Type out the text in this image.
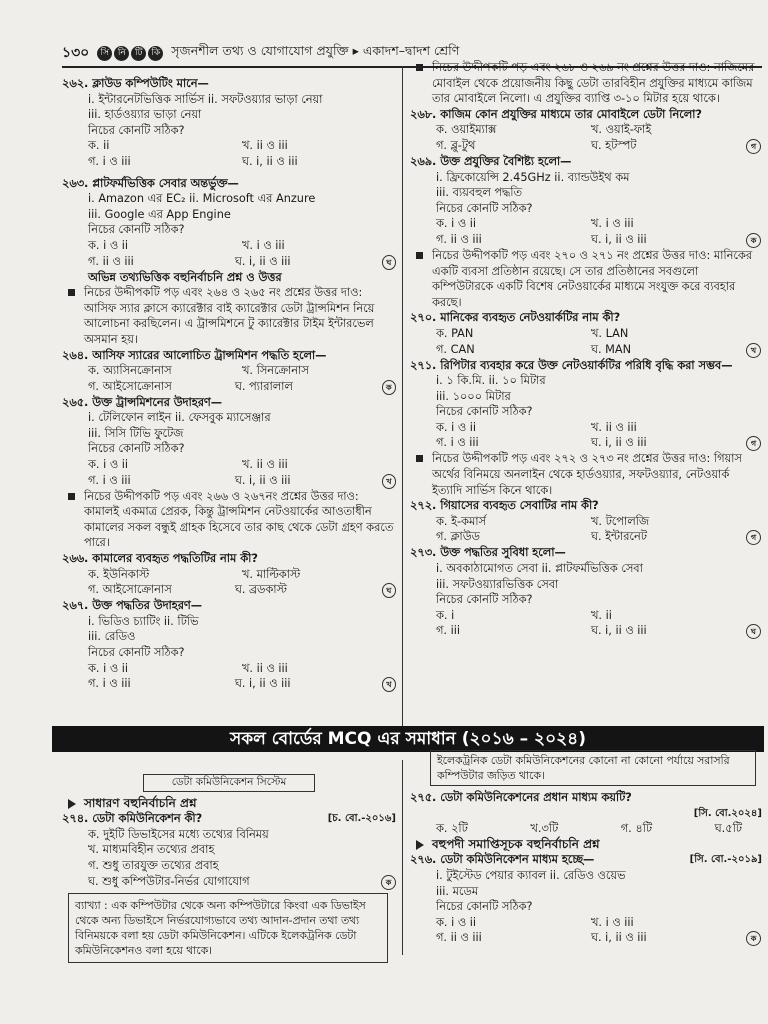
১৩০	সি নি	টি কি সৃজনশীল তথ্য ও যোগাযোগ প্রযুক্তি ▸ একাদশ–দ্বাদশ শ্রেণি
২৬২. ক্লাউড কম্পিউটিং মানে—
i. ইন্টারনেটভিত্তিক সার্ভিস ii. সফটওয়্যার ভাড়া নেয়া
iii. হার্ডওয়্যার ভাড়া নেয়া
নিচের কোনটি সঠিক?
ক. ii	খ. ii ও iii
গ. i ও iii	ঘ. i, ii ও iii
২৬৩. প্লাটফর্মভিত্তিক সেবার অন্তর্ভুক্ত—
i. Amazon এর EC₂ ii. Microsoft এর Anzure
iii. Google এর App Engine
নিচের কোনটি সঠিক?
ক. i ও ii	খ. i ও iii
গ. ii ও iii	ঘ. i, ii ও iii	ঘ
অভিন্ন তথ্যভিত্তিক বহুনির্বাচনি প্রশ্ন ও উত্তর
নিচের উদ্দীপকটি পড় এবং ২৬৪ ও ২৬৫ নং প্রশ্নের উত্তর দাও: আসিফ স্যার ক্লাসে ক্যারেক্টার বাই ক্যারেক্টার ডেটা ট্রান্সমিশন নিয়ে আলোচনা করছিলেন। এ ট্রান্সমিশনে টু ক্যারেক্টার টাইম ইন্টারভেল অসমান হয়।
২৬৪. আসিফ স্যারের আলোচিত ট্রান্সমিশন পদ্ধতি হলো—
ক. অ্যাসিনক্রোনাস	খ. সিনক্রোনাস
গ. আইসোক্রোনাস	ঘ. প্যারালাল	ক
২৬৫. উক্ত ট্রান্সমিশনের উদাহরণ—
i. টেলিফোন লাইন ii. ফেসবুক ম্যাসেঞ্জার
iii. সিসি টিভি ফুটেজ
নিচের কোনটি সঠিক?
ক. i ও ii	খ. ii ও iii
গ. i ও iii	ঘ. i, ii ও iii	খ
নিচের উদ্দীপকটি পড় এবং ২৬৬ ও ২৬৭নং প্রশ্নের উত্তর দাও: কামালই একমাত্র প্রেরক, কিন্তু ট্রান্সমিশন নেটওয়ার্কের আওতাধীন কামালের সকল বন্ধুই গ্রাহক হিসেবে তার কাছ থেকে ডেটা গ্রহণ করতে পারে।
২৬৬. কামালের ব্যবহৃত পদ্ধতিটির নাম কী?
ক. ইউনিকাস্ট	খ. মাল্টিকাস্ট
গ. আইসোক্রোনাস	ঘ. ব্রডকাস্ট	ঘ
২৬৭. উক্ত পদ্ধতির উদাহরণ—
i. ভিডিও চ্যাটিং ii. টিভি
iii. রেডিও
নিচের কোনটি সঠিক?
ক. i ও ii	খ. ii ও iii
গ. i ও iii	ঘ. i, ii ও iii	খ
নিচের উদ্দীপকটি পড় এবং ২৬৮ ও ২৬৯ নং প্রশ্নের উত্তর দাও: নাজিমের মোবাইল থেকে প্রয়োজনীয় কিছু ডেটা তারবিহীন প্রযুক্তির মাধ্যমে কাজিম তার মোবাইলে নিলো। এ প্রযুক্তির ব্যাপ্তি ৩-১০ মিটার হয়ে থাকে।
২৬৮. কাজিম কোন প্রযুক্তির মাধ্যমে তার মোবাইলে ডেটা নিলো?
ক. ওয়াইম্যাক্স	খ. ওয়াই-ফাই
গ. ব্লু-টুথ	ঘ. হটস্পট	গ
২৬৯. উক্ত প্রযুক্তির বৈশিষ্ট্য হলো—
i. ফ্রিকোয়েন্সি 2.45GHz ii. ব্যান্ডউইথ কম
iii. ব্যয়বহুল পদ্ধতি
নিচের কোনটি সঠিক?
ক. i ও ii	খ. i ও iii
গ. ii ও iii	ঘ. i, ii ও iii	ক
নিচের উদ্দীপকটি পড় এবং ২৭০ ও ২৭১ নং প্রশ্নের উত্তর দাও: মানিকের একটি ব্যবসা প্রতিষ্ঠান রয়েছে। সে তার প্রতিষ্ঠানের সবগুলো কম্পিউটারকে একটি বিশেষ নেটওয়ার্কের মাধ্যমে সংযুক্ত করে ব্যবহার করছে।
২৭০. মানিকের ব্যবহৃত নেটওয়ার্কটির নাম কী?
ক. PAN	খ. LAN
গ. CAN	ঘ. MAN	খ
২৭১. রিপিটার ব্যবহার করে উক্ত নেটওয়ার্কটির পরিধি বৃদ্ধি করা সম্ভব—
i. ১ কি.মি. ii. ১০ মিটার
iii. ১০০০ মিটার
নিচের কোনটি সঠিক?
ক. i ও ii	খ. ii ও iii
গ. i ও iii	ঘ. i, ii ও iii	গ
নিচের উদ্দীপকটি পড় এবং ২৭২ ও ২৭৩ নং প্রশ্নের উত্তর দাও: গিয়াস অর্থের বিনিময়ে অনলাইন থেকে হার্ডওয়্যার, সফটওয়্যার, নেটওয়ার্ক ইত্যাদি সার্ভিস কিনে থাকে।
২৭২. গিয়াসের ব্যবহৃত সেবাটির নাম কী?
ক. ই-কমার্স	খ. টপোলজি
গ. ক্লাউড	ঘ. ইন্টারনেট	গ
২৭৩. উক্ত পদ্ধতির সুবিধা হলো—
i. অবকাঠামোগত সেবা ii. প্লাটফর্মভিত্তিক সেবা
iii. সফটওয়্যারভিত্তিক সেবা
নিচের কোনটি সঠিক?
ক. i	খ. ii
গ. iii	ঘ. i, ii ও iii	ঘ
সকল বোর্ডের MCQ এর সমাধান (২০১৬ – ২০২৪)
ডেটা কমিউনিকেশন সিস্টেম
সাধারণ বহুনির্বাচনি প্রশ্ন
[চ. বো.-২০১৬]
২৭৪. ডেটা কমিউনিকেশন কী?
ক. দুইটি ডিভাইসের মধ্যে তথ্যের বিনিময়
খ. মাধ্যমবিহীন তথ্যের প্রবাহ
গ. শুধু তারযুক্ত তথ্যের প্রবাহ
ঘ. শুধু কম্পিউটার-নির্ভর যোগাযোগ	ক
ব্যাখ্যা : এক কম্পিউটার থেকে অন্য কম্পিউটারে কিংবা এক ডিভাইস থেকে অন্য ডিভাইসে নির্ভরযোগ্যভাবে তথ্য আদান-প্রদান তথা তথ্য বিনিময়কে বলা হয় ডেটা কমিউনিকেশন। এটিকে ইলেকট্রনিক ডেটা কমিউনিকেশনও বলা হয়ে থাকে।
ইলেকট্রনিক ডেটা কমিউনিকেশনের কোনো না কোনো পর্যায়ে সরাসরি কম্পিউটার জড়িত থাকে।
২৭৫. ডেটা কমিউনিকেশনের প্রধান মাধ্যম কয়টি?
[সি. বো.২০২৪]

ক. ২টি	খ.৩টি	গ. ৪টি	ঘ.৫টি
বহুপদী সমাপ্তিসূচক বহুনির্বাচনি প্রশ্ন
[সি. বো.-২০১৯]
২৭৬. ডেটা কমিউনিকেশন মাধ্যম হচ্ছে—
i. টুইস্টেড পেয়ার ক্যাবল ii. রেডিও ওয়েভ
iii. মডেম
নিচের কোনটি সঠিক?
ক. i ও ii	খ. i ও iii
গ. ii ও iii	ঘ. i, ii ও iii	ক
